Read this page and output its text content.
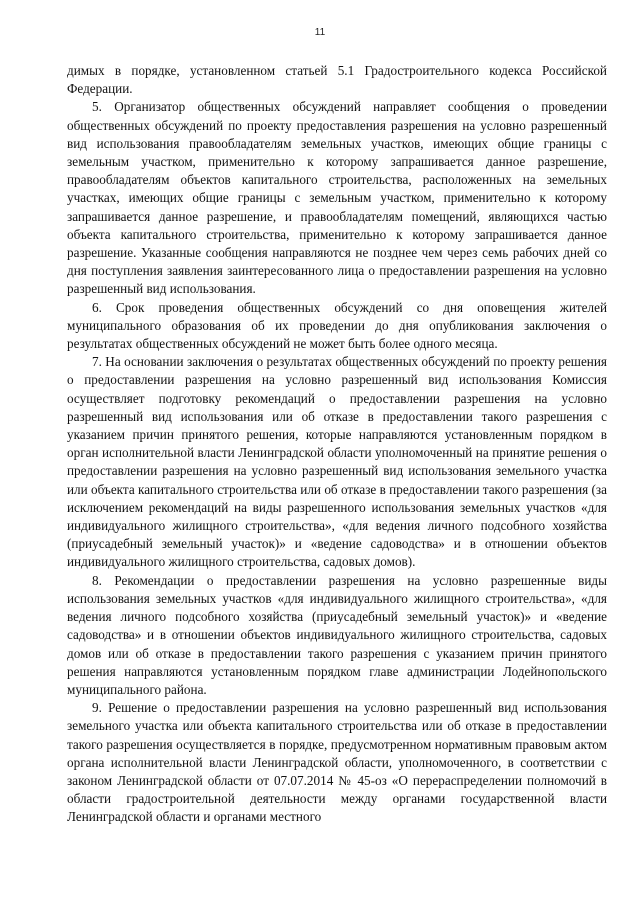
11

димых в порядке, установленном статьей 5.1 Градостроительного кодекса Российской Федерации.

5. Организатор общественных обсуждений направляет сообщения о проведении общественных обсуждений по проекту предоставления разрешения на условно разрешенный вид использования правообладателям земельных участков, имеющих общие границы с земельным участком, применительно к которому запрашивается данное разрешение, правообладателям объектов капитального строительства, расположенных на земельных участках, имеющих общие границы с земельным участком, применительно к которому запрашивается данное разрешение, и правообладателям помещений, являющихся частью объекта капитального строительства, применительно к которому запрашивается данное разрешение. Указанные сообщения направляются не позднее чем через семь рабочих дней со дня поступления заявления заинтересованного лица о предоставлении разрешения на условно разрешенный вид использования.

6. Срок проведения общественных обсуждений со дня оповещения жителей муниципального образования об их проведении до дня опубликования заключения о результатах общественных обсуждений не может быть более одного месяца.

7. На основании заключения о результатах общественных обсуждений по проекту решения о предоставлении разрешения на условно разрешенный вид использования Комиссия осуществляет подготовку рекомендаций о предоставлении разрешения на условно разрешенный вид использования или об отказе в предоставлении такого разрешения с указанием причин принятого решения, которые направляются установленным порядком в орган исполнительной власти Ленинградской области уполномоченный на принятие решения о предоставлении разрешения на условно разрешенный вид использования земельного участка или объекта капитального строительства или об отказе в предоставлении такого разрешения (за исключением рекомендаций на виды разрешенного использования земельных участков «для индивидуального жилищного строительства», «для ведения личного подсобного хозяйства (приусадебный земельный участок)» и «ведение садоводства» и в отношении объектов индивидуального жилищного строительства, садовых домов).

8. Рекомендации о предоставлении разрешения на условно разрешенные виды использования земельных участков «для индивидуального жилищного строительства», «для ведения личного подсобного хозяйства (приусадебный земельный участок)» и «ведение садоводства» и в отношении объектов индивидуального жилищного строительства, садовых домов или об отказе в предоставлении такого разрешения с указанием причин принятого решения направляются установленным порядком главе администрации Лодейнопольского муниципального района.

9. Решение о предоставлении разрешения на условно разрешенный вид использования земельного участка или объекта капитального строительства или об отказе в предоставлении такого разрешения осуществляется в порядке, предусмотренном нормативным правовым актом органа исполнительной власти Ленинградской области, уполномоченного, в соответствии с законом Ленинградской области от 07.07.2014 № 45-оз «О перераспределении полномочий в области градостроительной деятельности между органами государственной власти Ленинградской области и органами местного
